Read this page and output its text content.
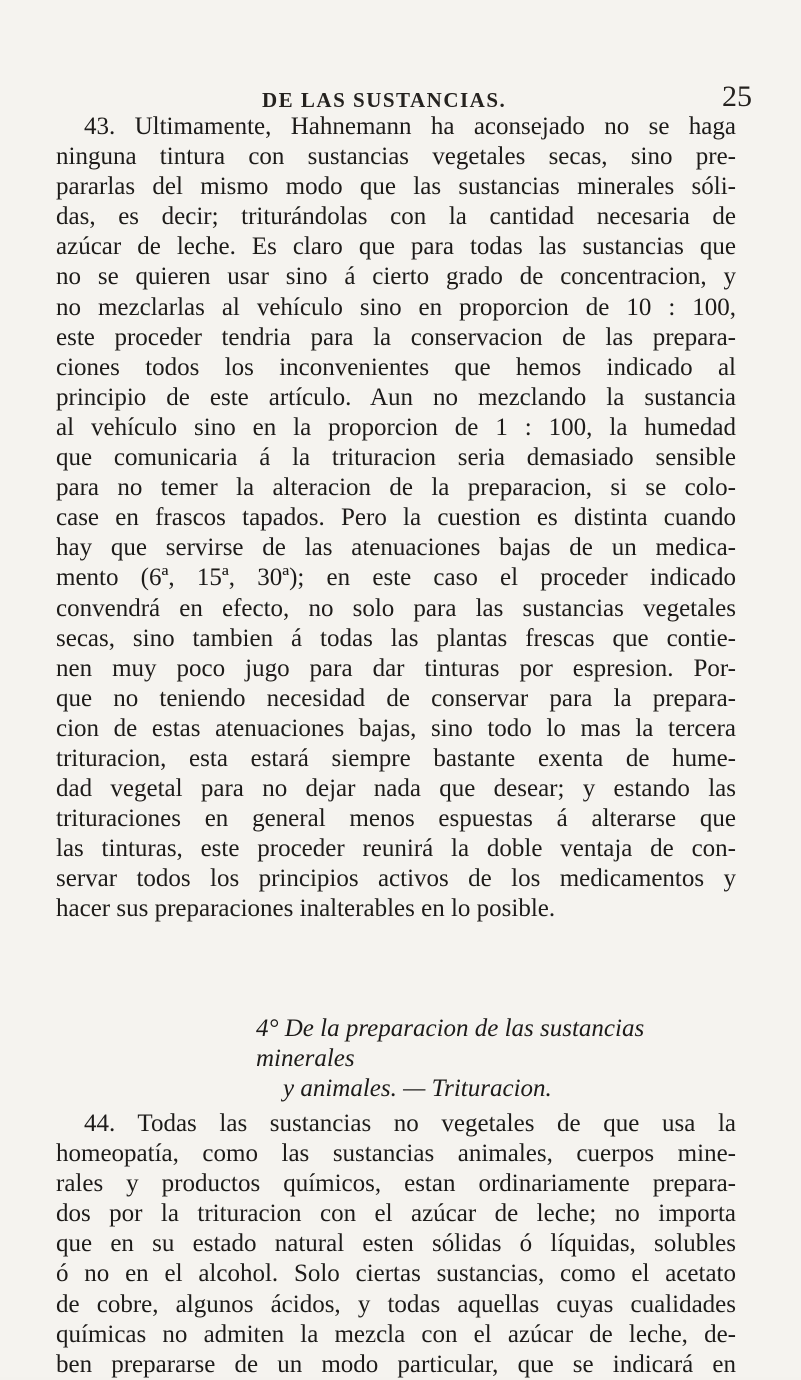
DE LAS SUSTANCIAS.	25
43. Ultimamente, Hahnemann ha aconsejado no se haga
ninguna tintura con sustancias vegetales secas, sino pre-
pararlas del mismo modo que las sustancias minerales sóli-
das, es decir; triturándolas con la cantidad necesaria de
azúcar de leche. Es claro que para todas las sustancias que
no se quieren usar sino á cierto grado de concentracion, y
no mezclarlas al vehículo sino en proporcion de 10 : 100,
este proceder tendria para la conservacion de las prepara-
ciones todos los inconvenientes que hemos indicado al
principio de este artículo. Aun no mezclando la sustancia
al vehículo sino en la proporcion de 1 : 100, la humedad
que comunicaria á la trituracion seria demasiado sensible
para no temer la alteracion de la preparacion, si se colo-
case en frascos tapados. Pero la cuestion es distinta cuando
hay que servirse de las atenuaciones bajas de un medica-
mento (6ª, 15ª, 30ª); en este caso el proceder indicado
convendrá en efecto, no solo para las sustancias vegetales
secas, sino tambien á todas las plantas frescas que contie-
nen muy poco jugo para dar tinturas por espresion. Por-
que no teniendo necesidad de conservar para la prepara-
cion de estas atenuaciones bajas, sino todo lo mas la tercera
trituracion, esta estará siempre bastante exenta de hume-
dad vegetal para no dejar nada que desear; y estando las
trituraciones en general menos espuestas á alterarse que
las tinturas, este proceder reunirá la doble ventaja de con-
servar todos los principios activos de los medicamentos y
hacer sus preparaciones inalterables en lo posible.
4° De la preparacion de las sustancias minerales
y animales. — Trituracion.
44. Todas las sustancias no vegetales de que usa la
homeopatía, como las sustancias animales, cuerpos mine-
rales y productos químicos, estan ordinariamente prepara-
dos por la trituracion con el azúcar de leche; no importa
que en su estado natural esten sólidas ó líquidas, solubles
ó no en el alcohol. Solo ciertas sustancias, como el acetato
de cobre, algunos ácidos, y todas aquellas cuyas cualidades
químicas no admiten la mezcla con el azúcar de leche, de-
ben prepararse de un modo particular, que se indicará en
